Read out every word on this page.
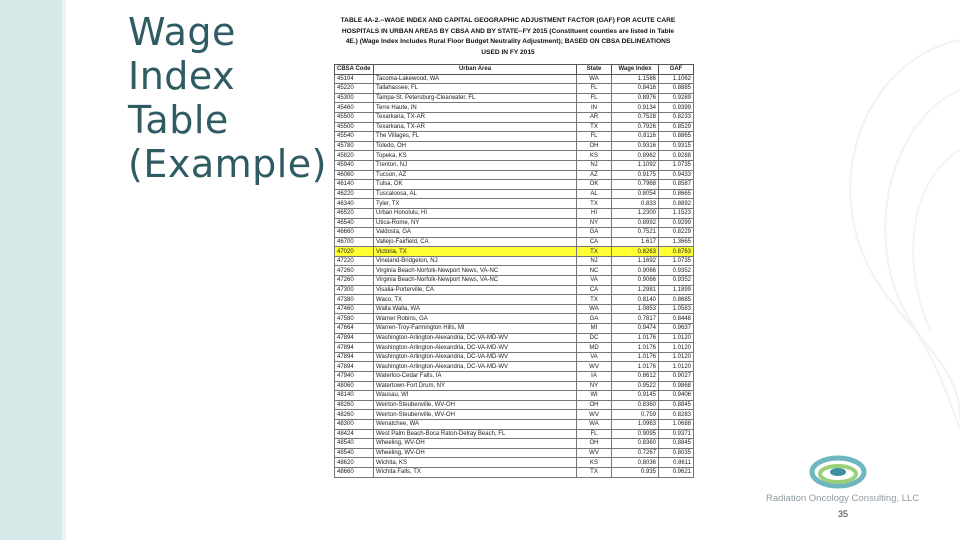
Wage
Index
Table
(Example)
TABLE 4A-2.--WAGE INDEX AND CAPITAL GEOGRAPHIC ADJUSTMENT FACTOR (GAF) FOR ACUTE CARE
HOSPITALS IN URBAN AREAS BY CBSA AND BY STATE--FY 2015 (Constituent counties are listed in Table
4E.) (Wage Index Includes Rural Floor Budget Neutrality Adjustment); BASED ON CBSA DELINEATIONS
USED IN FY 2015
CBSA Code	Urban Area	State	Wage Index	GAF
45104	Tacoma-Lakewood, WA	WA	1.1586	1.1062
45220	Tallahassee, FL	FL	0.8416	0.8885
45300	Tampa-St. Petersburg-Clearwater, FL	FL	0.8976	0.9289
45460	Terre Haute, IN	IN	0.9134	0.9399
45500	Texarkana, TX-AR	AR	0.7528	0.8233
45500	Texarkana, TX-AR	TX	0.7926	0.8529
45540	The Villages, FL	FL	0.8116	0.8865
45780	Toledo, OH	OH	0.9316	0.9315
45820	Topeka, KS	KS	0.8962	0.9288
45940	Trenton, NJ	NJ	1.1092	1.0735
46060	Tucson, AZ	AZ	0.9175	0.9433
46140	Tulsa, OK	OK	0.7968	0.8587
46220	Tuscaloosa, AL	AL	0.8054	0.8665
46340	Tyler, TX	TX	0.833	0.8892
46520	Urban Honolulu, HI	HI	1.2300	1.1523
46540	Utica-Rome, NY	NY	0.8992	0.9299
46660	Valdosta, GA	GA	0.7521	0.8229
46700	Vallejo-Fairfield, CA	CA	1.617	1.3665
47020	Victoria, TX	TX	0.8263	0.8763
47220	Vineland-Bridgeton, NJ	NJ	1.1692	1.0735
47260	Virginia Beach-Norfolk-Newport News, VA-NC	NC	0.9066	0.9352
47260	Virginia Beach-Norfolk-Newport News, VA-NC	VA	0.9066	0.9352
47300	Visalia-Porterville, CA	CA	1.2981	1.1899
47380	Waco, TX	TX	0.8140	0.8685
47460	Walla Walla, WA	WA	1.0853	1.0583
47580	Warner Robins, GA	GA	0.7817	0.8448
47664	Warren-Troy-Farmington Hills, MI	MI	0.9474	0.9637
47894	Washington-Arlington-Alexandria, DC-VA-MD-WV	DC	1.0176	1.0120
47894	Washington-Arlington-Alexandria, DC-VA-MD-WV	MD	1.0176	1.0120
47894	Washington-Arlington-Alexandria, DC-VA-MD-WV	VA	1.0176	1.0120
47894	Washington-Arlington-Alexandria, DC-VA-MD-WV	WV	1.0176	1.0120
47940	Waterloo-Cedar Falls, IA	IA	0.8612	0.9027
48060	Watertown-Fort Drum, NY	NY	0.9522	0.9868
48140	Wausau, WI	WI	0.9145	0.9406
48260	Weirton-Steubenville, WV-OH	OH	0.8360	0.8845
48260	Weirton-Steubenville, WV-OH	WV	0.759	0.8283
48300	Wenatchee, WA	WA	1.0963	1.0688
48424	West Palm Beach-Boca Raton-Delray Beach, FL	FL	0.9095	0.9371
48540	Wheeling, WV-OH	OH	0.8360	0.8845
48540	Wheeling, WV-OH	WV	0.7267	0.8035
48620	Wichita, KS	KS	0.8036	0.8611
48660	Wichita Falls, TX	TX	0.935	0.9621
Radiation Oncology Consulting, LLC
35
